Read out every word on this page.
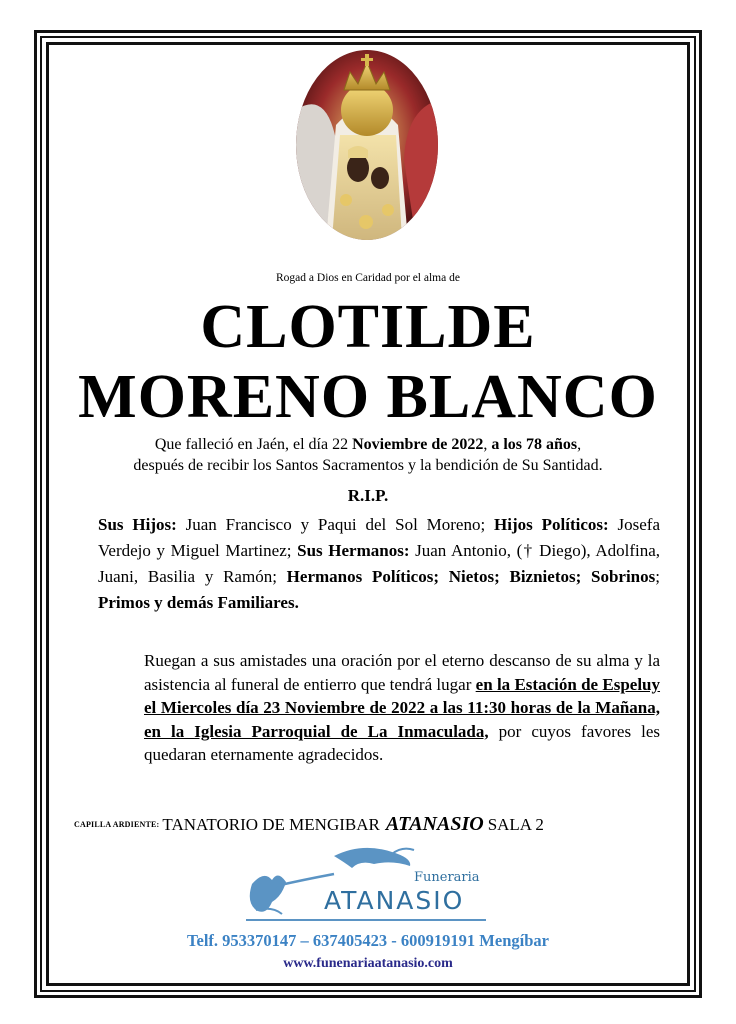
Rogad a Dios en Caridad por el alma de
CLOTILDE
MORENO BLANCO
Que falleció en Jaén, el día 22 Noviembre de 2022, a los 78 años,
después de recibir los Santos Sacramentos y la bendición de Su Santidad.
R.I.P.
Sus Hijos: Juan Francisco y Paqui del Sol Moreno; Hijos Políticos: Josefa Verdejo y Miguel Martinez; Sus Hermanos: Juan Antonio, († Diego), Adolfina, Juani, Basilia y Ramón; Hermanos Políticos; Nietos; Biznietos; Sobrinos; Primos y demás Familiares.
Ruegan a sus amistades una oración por el eterno descanso de su alma y la asistencia al funeral de entierro que tendrá lugar en la Estación de Espeluy el Miercoles día 23 Noviembre de 2022 a las 11:30 horas de la Mañana, en la Iglesia Parroquial de La Inmaculada, por cuyos favores les quedaran eternamente agradecidos.
CAPILLA ARDIENTE: TANATORIO DE MENGIBAR ATANASIO SALA 2
Funeraria
ATANASIO
Telf. 953370147 – 637405423 - 600919191 Mengíbar
www.funenariaatanasio.com
